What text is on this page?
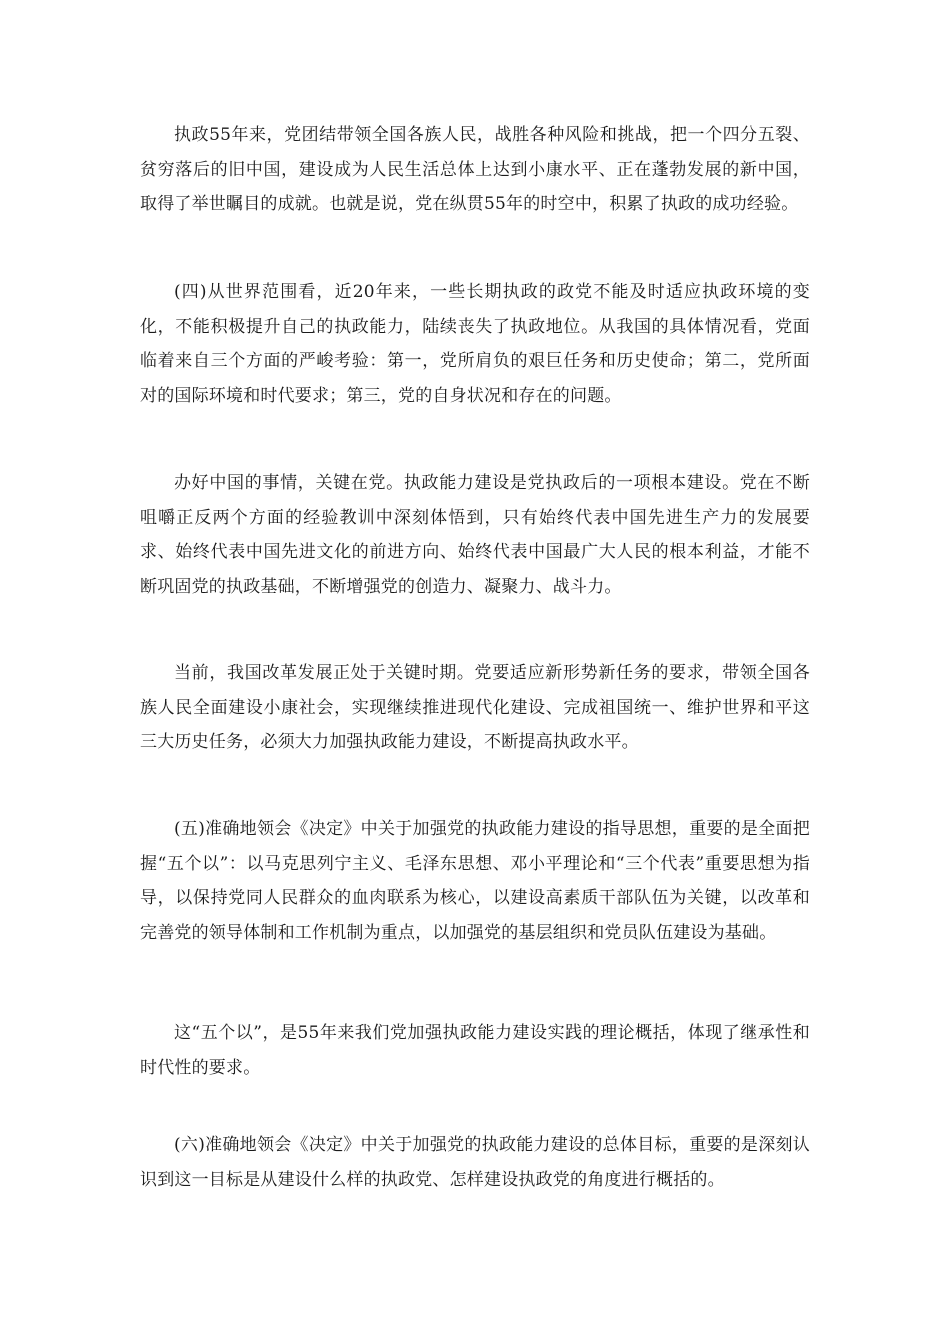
执政55年来，党团结带领全国各族人民，战胜各种风险和挑战，把一个四分五裂、贫穷落后的旧中国，建设成为人民生活总体上达到小康水平、正在蓬勃发展的新中国，取得了举世瞩目的成就。也就是说，党在纵贯55年的时空中，积累了执政的成功经验。

(四)从世界范围看，近20年来，一些长期执政的政党不能及时适应执政环境的变化，不能积极提升自己的执政能力，陆续丧失了执政地位。从我国的具体情况看，党面临着来自三个方面的严峻考验：第一，党所肩负的艰巨任务和历史使命；第二，党所面对的国际环境和时代要求；第三，党的自身状况和存在的问题。

办好中国的事情，关键在党。执政能力建设是党执政后的一项根本建设。党在不断咀嚼正反两个方面的经验教训中深刻体悟到，只有始终代表中国先进生产力的发展要求、始终代表中国先进文化的前进方向、始终代表中国最广大人民的根本利益，才能不断巩固党的执政基础，不断增强党的创造力、凝聚力、战斗力。

当前，我国改革发展正处于关键时期。党要适应新形势新任务的要求，带领全国各族人民全面建设小康社会，实现继续推进现代化建设、完成祖国统一、维护世界和平这三大历史任务，必须大力加强执政能力建设，不断提高执政水平。

(五)准确地领会《决定》中关于加强党的执政能力建设的指导思想，重要的是全面把握“五个以”：以马克思列宁主义、毛泽东思想、邓小平理论和“三个代表”重要思想为指导，以保持党同人民群众的血肉联系为核心，以建设高素质干部队伍为关键，以改革和完善党的领导体制和工作机制为重点，以加强党的基层组织和党员队伍建设为基础。

这“五个以”，是55年来我们党加强执政能力建设实践的理论概括，体现了继承性和时代性的要求。

(六)准确地领会《决定》中关于加强党的执政能力建设的总体目标，重要的是深刻认识到这一目标是从建设什么样的执政党、怎样建设执政党的角度进行概括的。
